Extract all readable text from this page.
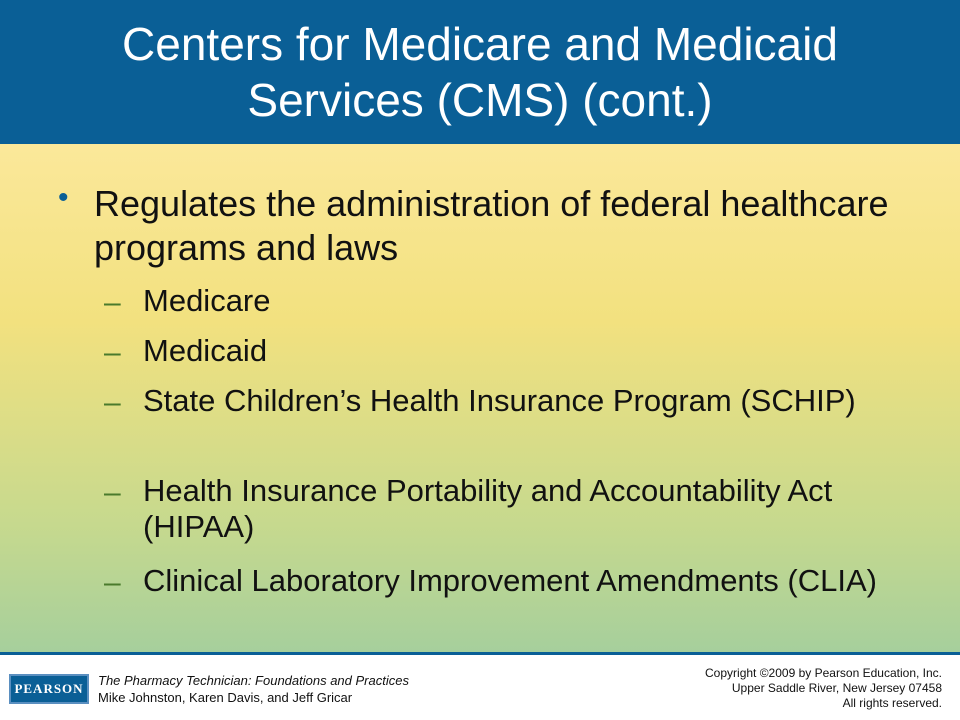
Centers for Medicare and Medicaid Services (CMS) (cont.)
• Regulates the administration of federal healthcare programs and laws
– Medicare
– Medicaid
– State Children’s Health Insurance Program (SCHIP)
– Health Insurance Portability and Accountability Act (HIPAA)
– Clinical Laboratory Improvement Amendments (CLIA)
PEARSON
The Pharmacy Technician: Foundations and Practices
Mike Johnston, Karen Davis, and Jeff Gricar
Copyright ©2009 by Pearson Education, Inc.
Upper Saddle River, New Jersey 07458
All rights reserved.
